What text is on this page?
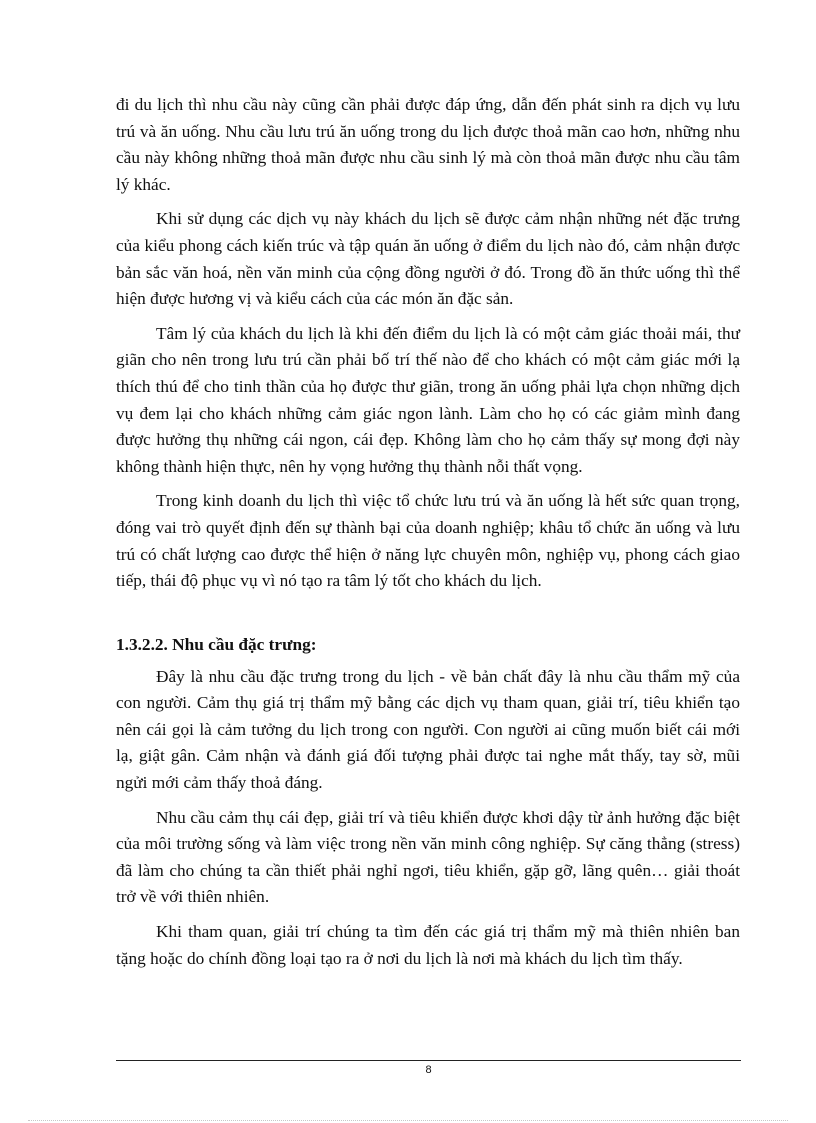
đi du lịch thì nhu cầu này cũng cần phải được đáp ứng, dẫn đến phát sinh ra dịch vụ lưu trú và ăn uống. Nhu cầu lưu trú ăn uống trong du lịch được thoả mãn cao hơn, những nhu cầu này không những thoả mãn được nhu cầu sinh lý mà còn thoả mãn được nhu cầu tâm lý khác.

Khi sử dụng các dịch vụ này khách du lịch sẽ được cảm nhận những nét đặc trưng của kiểu phong cách kiến trúc và tập quán ăn uống ở điểm du lịch nào đó, cảm nhận được bản sắc văn hoá, nền văn minh của cộng đồng người ở đó. Trong đồ ăn thức uống thì thể hiện được hương vị và kiểu cách của các món ăn đặc sản.

Tâm lý của khách du lịch là khi đến điểm du lịch là có một cảm giác thoải mái, thư giãn cho nên trong lưu trú cần phải bố trí thế nào để cho khách có một cảm giác mới lạ thích thú để cho tinh thần của họ được thư giãn, trong ăn uống phải lựa chọn những dịch vụ đem lại cho khách những cảm giác ngon lành. Làm cho họ có các giảm mình đang được hưởng thụ những cái ngon, cái đẹp. Không làm cho họ cảm thấy sự mong đợi này không thành hiện thực, nên hy vọng hưởng thụ thành nỗi thất vọng.

Trong kinh doanh du lịch thì việc tổ chức lưu trú và ăn uống là hết sức quan trọng, đóng vai trò quyết định đến sự thành bại của doanh nghiệp; khâu tổ chức ăn uống và lưu trú có chất lượng cao được thể hiện ở năng lực chuyên môn, nghiệp vụ, phong cách giao tiếp, thái độ phục vụ vì nó tạo ra tâm lý tốt cho khách du lịch.

1.3.2.2. Nhu cầu đặc trưng:

Đây là nhu cầu đặc trưng trong du lịch - về bản chất đây là nhu cầu thẩm mỹ của con người. Cảm thụ giá trị thẩm mỹ bằng các dịch vụ tham quan, giải trí, tiêu khiển tạo nên cái gọi là cảm tưởng du lịch trong con người. Con người ai cũng muốn biết cái mới lạ, giật gân. Cảm nhận và đánh giá đối tượng phải được tai nghe mắt thấy, tay sờ, mũi ngửi mới cảm thấy thoả đáng.

Nhu cầu cảm thụ cái đẹp, giải trí và tiêu khiển được khơi dậy từ ảnh hưởng đặc biệt của môi trường sống và làm việc trong nền văn minh công nghiệp. Sự căng thẳng (stress) đã làm cho chúng ta cần thiết phải nghỉ ngơi, tiêu khiển, gặp gỡ, lãng quên… giải thoát trở về với thiên nhiên.

Khi tham quan, giải trí chúng ta tìm đến các giá trị thẩm mỹ mà thiên nhiên ban tặng hoặc do chính đồng loại tạo ra ở nơi du lịch là nơi mà khách du lịch tìm thấy.

8
